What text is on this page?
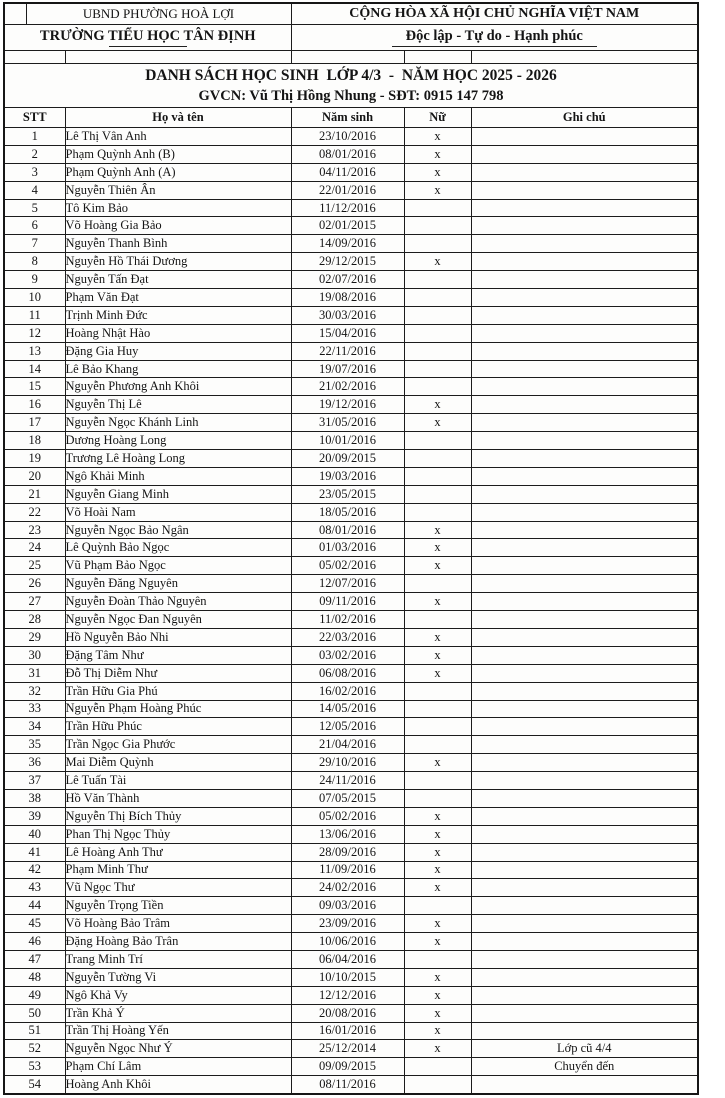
	UBND PHƯỜNG HOÀ LỢI		CỘNG HÒA XÃ HỘI CHỦ NGHĨA VIỆT NAM		

TRƯỜNG TIỂU HỌC TÂN ĐỊNH			Độc lập - Tự do - Hạnh phúc		

DANH SÁCH HỌC SINH  LỚP 4/3  -  NĂM HỌC 2025 - 2026
GVCN: Vũ Thị Hồng Nhung - SĐT: 0915 147 798					

STT		Họ và tên	Năm sinh	Nữ	Ghi chú
1		Lê Thị Vân Anh	23/10/2016	x	
2		Phạm Quỳnh Anh (B)	08/01/2016	x	
3		Phạm Quỳnh Anh (A)	04/11/2016	x	
4		Nguyễn Thiên Ân	22/01/2016	x	
5		Tô Kim Bảo	11/12/2016		
6		Võ Hoàng Gia Bảo	02/01/2015		
7		Nguyễn Thanh Bình	14/09/2016		
8		Nguyễn Hồ Thái Dương	29/12/2015	x	
9		Nguyễn Tấn Đạt	02/07/2016		
10		Phạm Văn Đạt	19/08/2016		
11		Trịnh Minh Đức	30/03/2016		
12		Hoàng Nhật Hào	15/04/2016		
13		Đặng Gia Huy	22/11/2016		
14		Lê Bảo Khang	19/07/2016		
15		Nguyễn Phương Anh Khôi	21/02/2016		
16		Nguyễn Thị Lê	19/12/2016	x	
17		Nguyễn Ngọc Khánh Linh	31/05/2016	x	
18		Dương Hoàng Long	10/01/2016		
19		Trương Lê Hoàng Long	20/09/2015		
20		Ngô Khải Minh	19/03/2016		
21		Nguyễn Giang Minh	23/05/2015		
22		Võ Hoài Nam	18/05/2016		
23		Nguyễn Ngọc Bảo Ngân	08/01/2016	x	
24		Lê Quỳnh Bảo Ngọc	01/03/2016	x	
25		Vũ Phạm Bảo Ngọc	05/02/2016	x	
26		Nguyễn Đăng Nguyên	12/07/2016		
27		Nguyễn Đoàn Thảo Nguyên	09/11/2016	x	
28		Nguyễn Ngọc Đan Nguyên	11/02/2016		
29		Hồ Nguyễn Bảo Nhi	22/03/2016	x	
30		Đặng Tâm Như	03/02/2016	x	
31		Đỗ Thị Diễm Như	06/08/2016	x	
32		Trần Hữu Gia Phú	16/02/2016		
33		Nguyễn Phạm Hoàng Phúc	14/05/2016		
34		Trần Hữu Phúc	12/05/2016		
35		Trần Ngọc Gia Phước	21/04/2016		
36		Mai Diễm Quỳnh	29/10/2016	x	
37		Lê Tuấn Tài	24/11/2016		
38		Hồ Văn Thành	07/05/2015		
39		Nguyễn Thị Bích Thủy	05/02/2016	x	
40		Phan Thị Ngọc Thủy	13/06/2016	x	
41		Lê Hoàng Anh Thư	28/09/2016	x	
42		Phạm Minh Thư	11/09/2016	x	
43		Vũ Ngọc Thư	24/02/2016	x	
44		Nguyễn Trọng Tiền	09/03/2016		
45		Võ Hoàng Bảo Trâm	23/09/2016	x	
46		Đặng Hoàng Bảo Trân	10/06/2016	x	
47		Trang Minh Trí	06/04/2016		
48		Nguyễn Tường Vi	10/10/2015	x	
49		Ngô Khả Vy	12/12/2016	x	
50		Trần Khả Ý	20/08/2016	x	
51		Trần Thị Hoàng Yến	16/01/2016	x	
52		Nguyễn Ngọc Như Ý	25/12/2014	x	Lớp cũ 4/4
53		Phạm Chí Lâm	09/09/2015		Chuyển đến
54		Hoàng Anh Khôi	08/11/2016		
